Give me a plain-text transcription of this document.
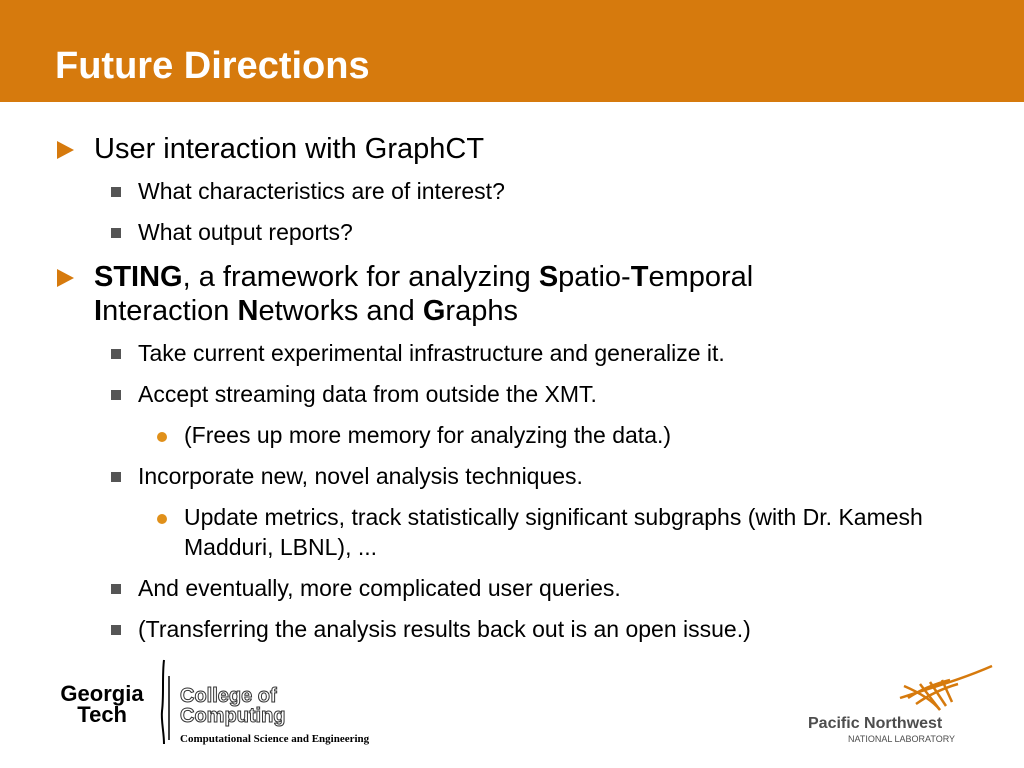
Future Directions
User interaction with GraphCT
What characteristics are of interest?
What output reports?
STING, a framework for analyzing Spatio-Temporal
Interaction Networks and Graphs
Take current experimental infrastructure and generalize it.
Accept streaming data from outside the XMT.
(Frees up more memory for analyzing the data.)
Incorporate new, novel analysis techniques.
Update metrics, track statistically significant subgraphs (with Dr. Kamesh Madduri, LBNL), ...
And eventually, more complicated user queries.
(Transferring the analysis results back out is an open issue.)
Georgia
Tech
College of
Computing
Computational Science and Engineering
Pacific Northwest
NATIONAL LABORATORY
